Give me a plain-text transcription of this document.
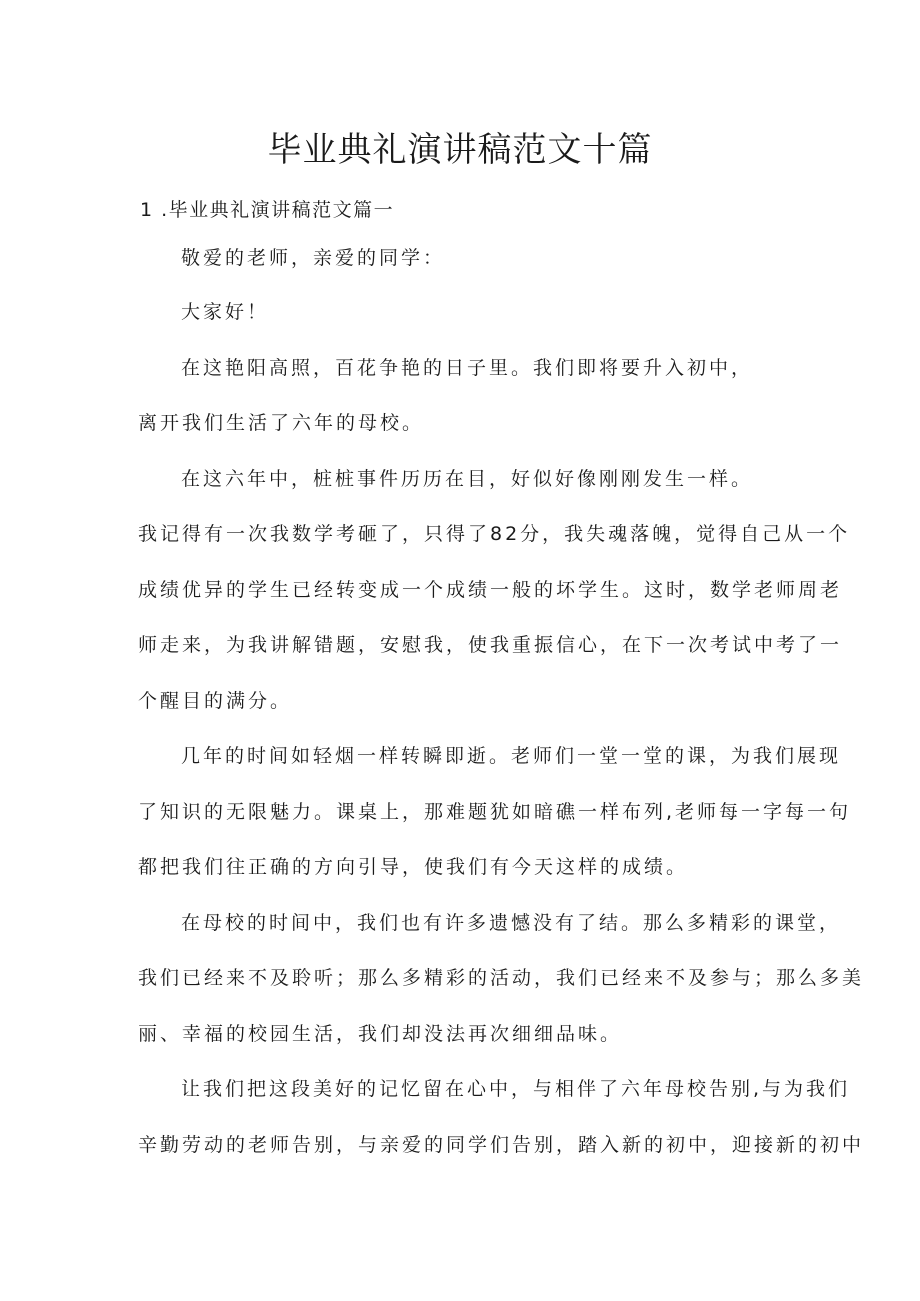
毕业典礼演讲稿范文十篇

1 .毕业典礼演讲稿范文篇一

敬爱的老师，亲爱的同学：

大家好！

在这艳阳高照，百花争艳的日子里。我们即将要升入初中，

离开我们生活了六年的母校。

在这六年中，桩桩事件历历在目，好似好像刚刚发生一样。

我记得有一次我数学考砸了，只得了82分，我失魂落魄，觉得自己从一个

成绩优异的学生已经转变成一个成绩一般的坏学生。这时，数学老师周老

师走来，为我讲解错题，安慰我，使我重振信心，在下一次考试中考了一

个醒目的满分。

几年的时间如轻烟一样转瞬即逝。老师们一堂一堂的课，为我们展现

了知识的无限魅力。课桌上，那难题犹如暗礁一样布列,老师每一字每一句

都把我们往正确的方向引导，使我们有今天这样的成绩。

在母校的时间中，我们也有许多遗憾没有了结。那么多精彩的课堂，

我们已经来不及聆听；那么多精彩的活动，我们已经来不及参与；那么多美

丽、幸福的校园生活，我们却没法再次细细品味。

让我们把这段美好的记忆留在心中，与相伴了六年母校告别,与为我们

辛勤劳动的老师告别，与亲爱的同学们告别，踏入新的初中，迎接新的初中
